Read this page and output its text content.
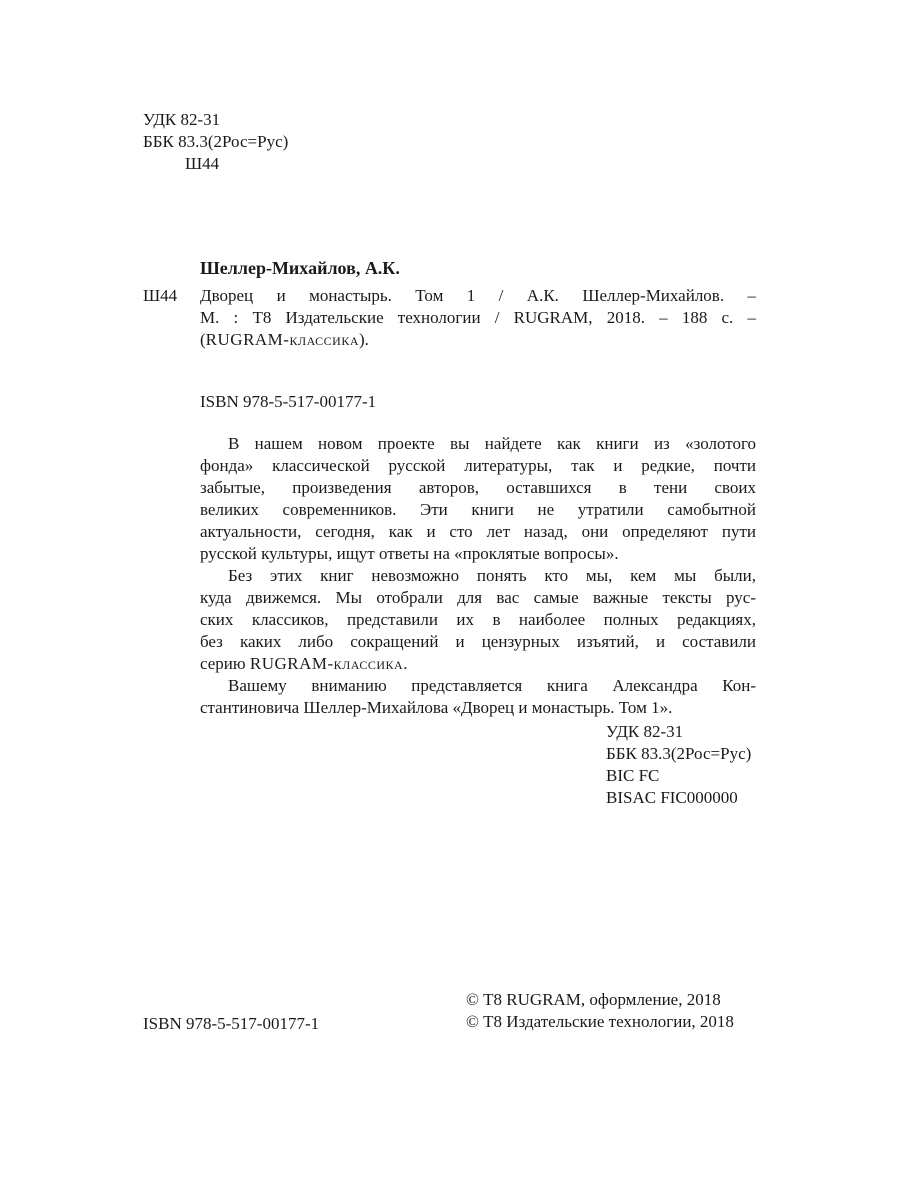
УДК 82-31
ББК 83.3(2Рос=Рус)
Ш44
Шеллер-Михайлов, А.К.
Ш44 Дворец и монастырь. Том 1 / А.К. Шеллер-Михайлов. –
М. : Т8 Издательские технологии / RUGRAM, 2018. – 188 с. –
(RUGRAM-классика).
ISBN 978-5-517-00177-1
В нашем новом проекте вы найдете как книги из «золотого
фонда» классической русской литературы, так и редкие, почти
забытые, произведения авторов, оставшихся в тени своих
великих современников. Эти книги не утратили самобытной
актуальности, сегодня, как и сто лет назад, они определяют пути
русской культуры, ищут ответы на «проклятые вопросы».
Без этих книг невозможно понять кто мы, кем мы были,
куда движемся. Мы отобрали для вас самые важные тексты рус-
ских классиков, представили их в наиболее полных редакциях,
без каких либо сокращений и цензурных изъятий, и составили
серию RUGRAM-классика.
Вашему вниманию представляется книга Александра Кон-
стантиновича Шеллер-Михайлова «Дворец и монастырь. Том 1».
УДК 82-31
ББК 83.3(2Рос=Рус)
BIC FC
BISAC FIC000000
© Т8 RUGRAM, оформление, 2018
© Т8 Издательские технологии, 2018
ISBN 978-5-517-00177-1
